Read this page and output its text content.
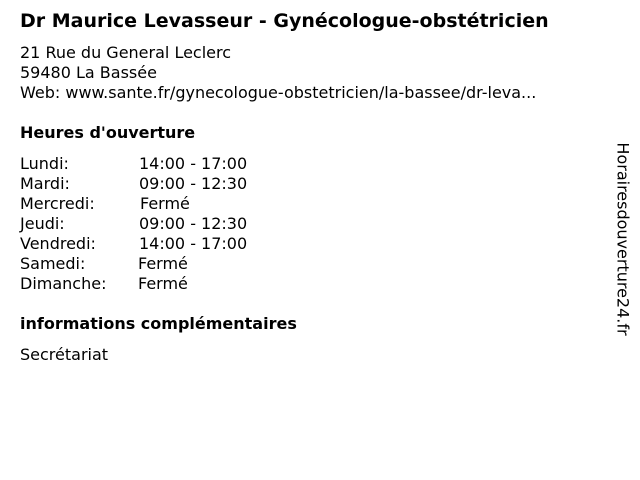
Dr Maurice Levasseur - Gynécologue-obstétricien
21 Rue du General Leclerc
59480 La Bassée
Web: www.sante.fr/gynecologue-obstetricien/la-bassee/dr-leva...
Heures d'ouverture
Lundi:	14:00 - 17:00
Mardi:	09:00 - 12:30
Mercredi:	Fermé
Jeudi:	09:00 - 12:30
Vendredi:	14:00 - 17:00
Samedi:	Fermé
Dimanche: Fermé
informations complémentaires
Secrétariat
Horairesdouverture24.fr
